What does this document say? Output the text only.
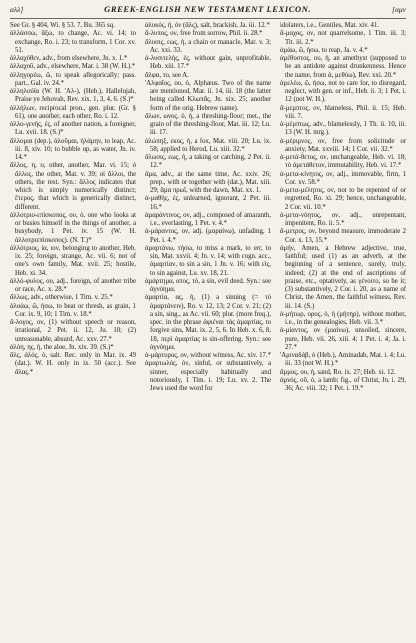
αλλ]	GREEK-ENGLISH NEW TESTAMENT LEXICON.	[αμν

See Gr. § 404, Wi. § 53. 7, Bu. 365 sq.

ἀλλάσσω, ἄξω, to change, Ac. vi. 14; to exchange, Ro. i. 23; to transform, 1 Cor. xv. 51.

ἀλλαχόθεν, adv., from elsewhere, Jn. x. 1.*

ἀλλαχοῦ, adv., elsewhere, Mar. i. 38 (W. H.).*

ἀλληγορέω, ῶ, to speak allegorically; pass. part., Gal. iv. 24.*

ἀλληλούϊα (W. H. 'Αλ-), (Heb.), Hallelujah, Praise ye Jehovah, Rev. xix. 1, 3, 4, 6. (S.)*

ἀλλήλων, reciprocal pron., gen. plur. (Gr. § 61), one another, each other, Ro. i. 12.

ἀλλο-γενής, ές, of another nation, a foreigner, Lu. xvii. 18. (S.)*

ἅλλομαι (dep.), ἁλοῦμαι, ἡλάμην, to leap, Ac. iii. 8, xiv. 10; to bubble up, as water, Jn. iv. 14.*

ἄλλος, η, ο, other, another, Mar. vi. 15; ὁ ἄλλος, the other, Mat. v. 39; οἱ ἄλλοι, the others, the rest. Syn.: ἄλλος indicates that which is simply numerically distinct; ἕτερος, that which is generically distinct, different.

ἀλλοτριο-επίσκοπος, ου, ὁ, one who looks at or busies himself in the things of another, a busybody, 1 Pet. iv. 15 (W. H. ἀλλοτριεπίσκοπος). (N. T.)*

ἀλλότριος, ία, ιον, belonging to another, Heb. ix. 25; foreign, strange, Ac. vii. 6; not of one's own family, Mat. xvii. 25; hostile, Heb. xi. 34.

ἀλλό-φυλος, ου, adj., foreign, of another tribe or race, Ac. x. 28.*

ἄλλως, adv., otherwise, 1 Tim. v. 25.*

ἀλοάω, ῶ, ήσω, to beat or thresh, as grain, 1 Cor. ix. 9, 10; 1 Tim. v. 18.*

ἄ-λογος, ον, (1) without speech or reason, irrational, 2 Pet. ii. 12, Ju. 10; (2) unreasonable, absurd, Ac. xxv. 27.*

ἀλόη, ης, ἡ, the aloe, Jn. xix. 39. (S.)*

ἅλς, ἁλός, ὁ, salt. Rec. only in Mar. ix. 49 (dat.). W. H. only in ix. 50 (acc.). See ἅλας.*

ἁλυκός, ή, όν (ἅλς), salt, brackish, Ja. iii. 12.*

ἄ-λυπος, ον, free from sorrow, Phil. ii. 28.*

ἅλυσις, εως, ἡ, a chain or manacle, Mar. v. 3; Ac. xxi. 33.

ἀ-λυσιτελής, ές, without gain, unprofitable, Heb. xiii. 17.*

ἄλφα, το, see A.

'Αλφαῖος, ου, ὁ, Alphæus. Two of the name are mentioned, Mar. ii. 14, iii. 18 (the latter being called Κλωπᾶς, Jn. xix. 25; another form of the orig. Hebrew name).

ἅλων, ωνος, ὁ, ἡ, a threshing-floor; met., the grain of the threshing-floor, Mat. iii. 12; Lu. iii. 17.

ἀλώπηξ, εκος, ἡ, a fox, Mat. viii. 20; Lu. ix. 58; applied to Herod, Lu. xiii. 32.*

ἅλωσις, εως, ἡ, a taking or catching, 2 Pet. ii. 12.*

ἅμα, adv., at the same time, Ac. xxiv. 26; prep., with or together with (dat.), Mat. xiii. 29; ἅμα πρωΐ, with the dawn, Mat. xx. 1.

ἀ-μαθής, ές, unlearned, ignorant, 2 Pet. iii. 16.*

ἀμαράντινος, ον, adj., composed of amaranth, i.e., everlasting, 1 Pet. v. 4.*

ἀ-μάραντος, ον, adj. (μαραίνω), unfading, 1 Pet. i. 4.*

ἁμαρτάνω, τήσω, to miss a mark, to err, to sin, Mat. xxvii. 4; Jn. v. 14; with cogn. acc., ἁμαρτίαν, to sin a sin, 1 Jn. v. 16; with εἰς, to sin against, Lu. xv. 18, 21.

ἁμάρτημα, ατος, τό, a sin, evil deed. Syn.: see ἀγνόημα.

ἁμαρτία, ας, ἡ, (1) a sinning (= τὸ ἁμαρτάνειν), Ro. v. 12, 13; 2 Cor. v. 21; (2) a sin, sing., as Ac. vii. 60; plur. (more freq.), spec. in the phrase ἀφιέναι τὰς ἁμαρτίας, to forgive sins, Mat. ix. 2, 5, 6. In Heb. x. 6, 8, 18, περὶ ἁμαρτίας is sin-offering. Syn.: see ἀγνόημα.

ἀ-μάρτυρος, ον, without witness, Ac. xiv. 17.*

ἁμαρτωλός, όν, sinful, or substantively, a sinner, especially habitually and notoriously, 1 Tim. i. 19; Lu. xv. 2. The Jews used the word for

idolaters, i.e., Gentiles, Mat. xiv. 41.

ἄ-μαχος, ον, not quarrelsome, 1 Tim. iii. 3; Tit. iii. 2.*

ἀμάω, ῶ, ήσω, to reap, Ja. v. 4.*

ἀμέθυστος, ου, ἡ, an amethyst (supposed to be an antidote against drunkenness. Hence the name, from ἀ, μεθύω), Rev. xxi. 20.*

ἀμελέω, ῶ, ήσω, not to care for, to disregard, neglect, with gen. or inf., Heb. ii. 3; 1 Pet. i. 12 (not W. H.).

ἄ-μεμπτος, ον, blameless, Phil. ii. 15; Heb. viii. 7.

ἀ-μέμπτως, adv., blamelessly, 1 Th. ii. 10, iii. 13 (W. H. mrg.).

ἀ-μέριμνος, ον, free from solicitude or anxiety, Mat. xxviii. 14; 1 Cor. vii. 32.*

ἀ-μετά-θετος, ον, unchangeable, Heb. vi. 18; τὸ ἀμετάθετον, immutability, Heb. vi. 17.*

ἀ-μετα-κίνητος, ον, adj., immovable, firm, 1 Cor. xv. 58.*

ἀ-μετα-μέλητος, ον, not to be repented of or regretted, Ro. xi. 29; hence, unchangeable, 2 Cor. vii. 10.*

ἀ-μετα-νόητος, ον, adj., unrepentant, impenitent, Ro. ii. 5.*

ἄ-μετρος, ον, beyond measure, immoderate 2 Cor. x. 13, 15.*

ἀμήν, Amen, a Hebrew adjective, true, faithful; used (1) as an adverb, at the beginning of a sentence, surely, truly, indeed; (2) at the end of ascriptions of praise, etc., optatively, as γένοιτο, so be it; (3) substantively, 2 Cor. i. 20, as a name of Christ, the Amen, the faithful witness, Rev. iii. 14. (S.)

ἀ-μήτωρ, ορος, ὁ, ἡ (μήτηρ), without mother, i.e., in the genealogies, Heb. vii. 3.*

ἀ-μίαντος, ον (μιαίνω), unsoiled, sincere, pure, Heb. vii. 26, xiii. 4; 1 Pet. i. 4; Ja. i. 27.*

'Αμιναδάβ, ὁ (Heb.), Aminadab, Mat. i. 4; Lu. iii. 33 (not W. H.).*

ἄμμος, ου, ἡ, sand, Ro. ix. 27; Heb. xi. 12.

ἀμνός, οῦ, ὁ, a lamb; fig., of Christ, Jn. i. 29, 36; Ac. viii. 32; 1 Pet. i. 19.*
